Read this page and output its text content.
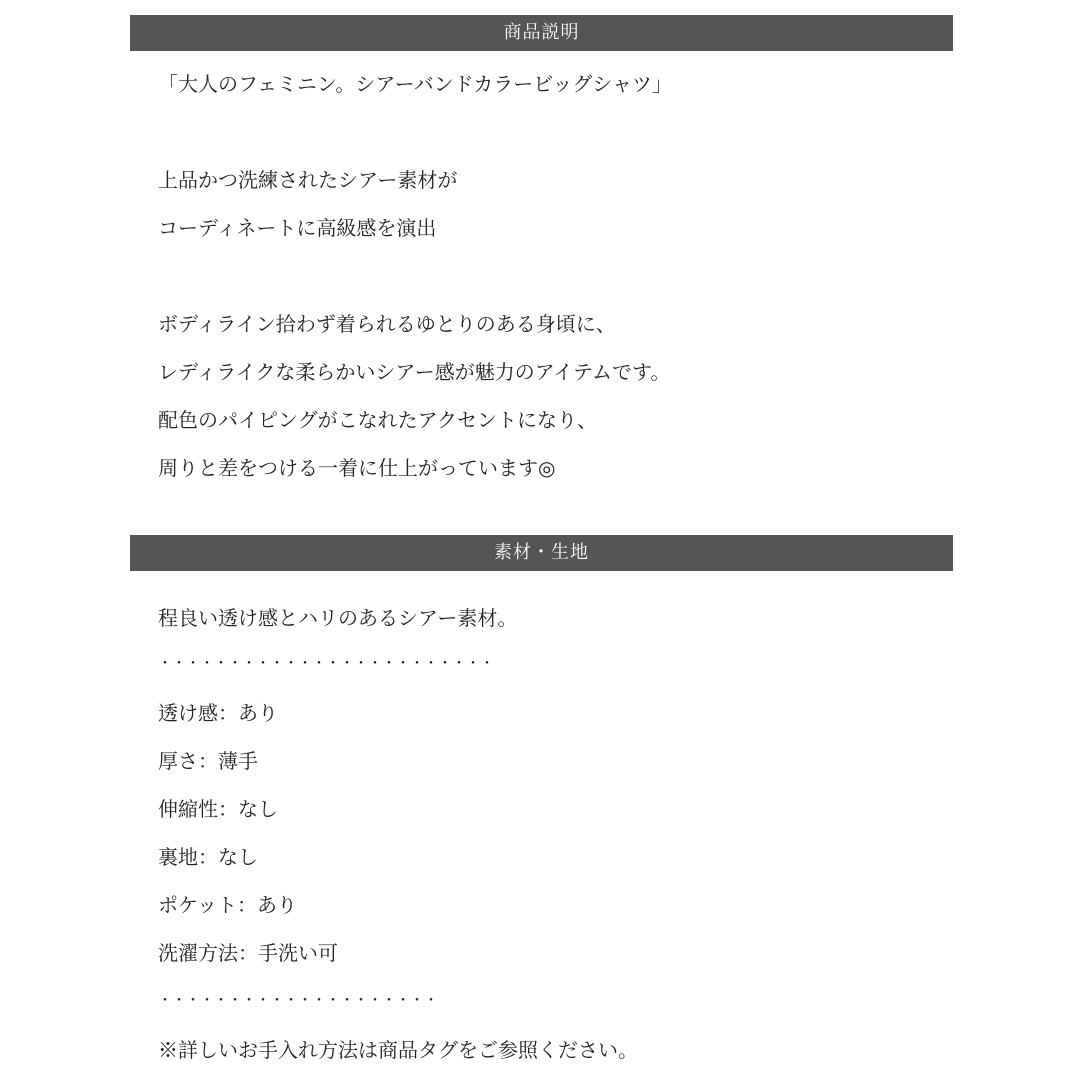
商品説明
「大人のフェミニン。シアーバンドカラービッグシャツ」
上品かつ洗練されたシアー素材が
コーディネートに高級感を演出
ボディライン拾わず着られるゆとりのある身頃に、
レディライクな柔らかいシアー感が魅力のアイテムです。
配色のパイピングがこなれたアクセントになり、
周りと差をつける一着に仕上がっています◎
素材・生地
程良い透け感とハリのあるシアー素材。
・・・・・・・・・・・・・・・・・・・・・・・・
透け感：あり
厚さ：薄手
伸縮性：なし
裏地：なし
ポケット：あり
洗濯方法：手洗い可
・・・・・・・・・・・・・・・・・・・・
※詳しいお手入れ方法は商品タグをご参照ください。
